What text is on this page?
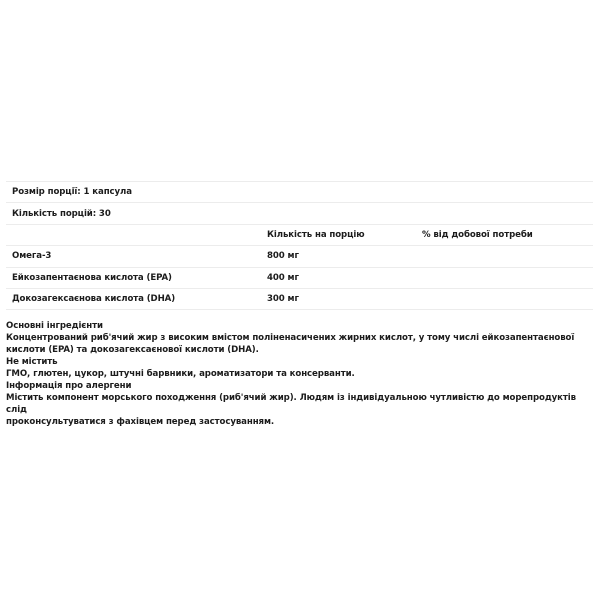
Розмір порції: 1 капсула		
Кількість порцій: 30		
	Кількість на порцію	% від добової потреби
Омега-3	800 мг	
Ейкозапентаєнова кислота (EPA)	400 мг	
Докозагексаєнова кислота (DHA)	300 мг	

Основні інгредієнти

Концентрований риб'ячий жир з високим вмістом поліненасичених жирних кислот, у тому числі ейкозапентаєнової

кислоти (EPA) та докозагексаєнової кислоти (DHA).

Не містить

ГМО, глютен, цукор, штучні барвники, ароматизатори та консерванти.

Інформація про алергени

Містить компонент морського походження (риб'ячий жир). Людям із індивідуальною чутливістю до морепродуктів слід

проконсультуватися з фахівцем перед застосуванням.
